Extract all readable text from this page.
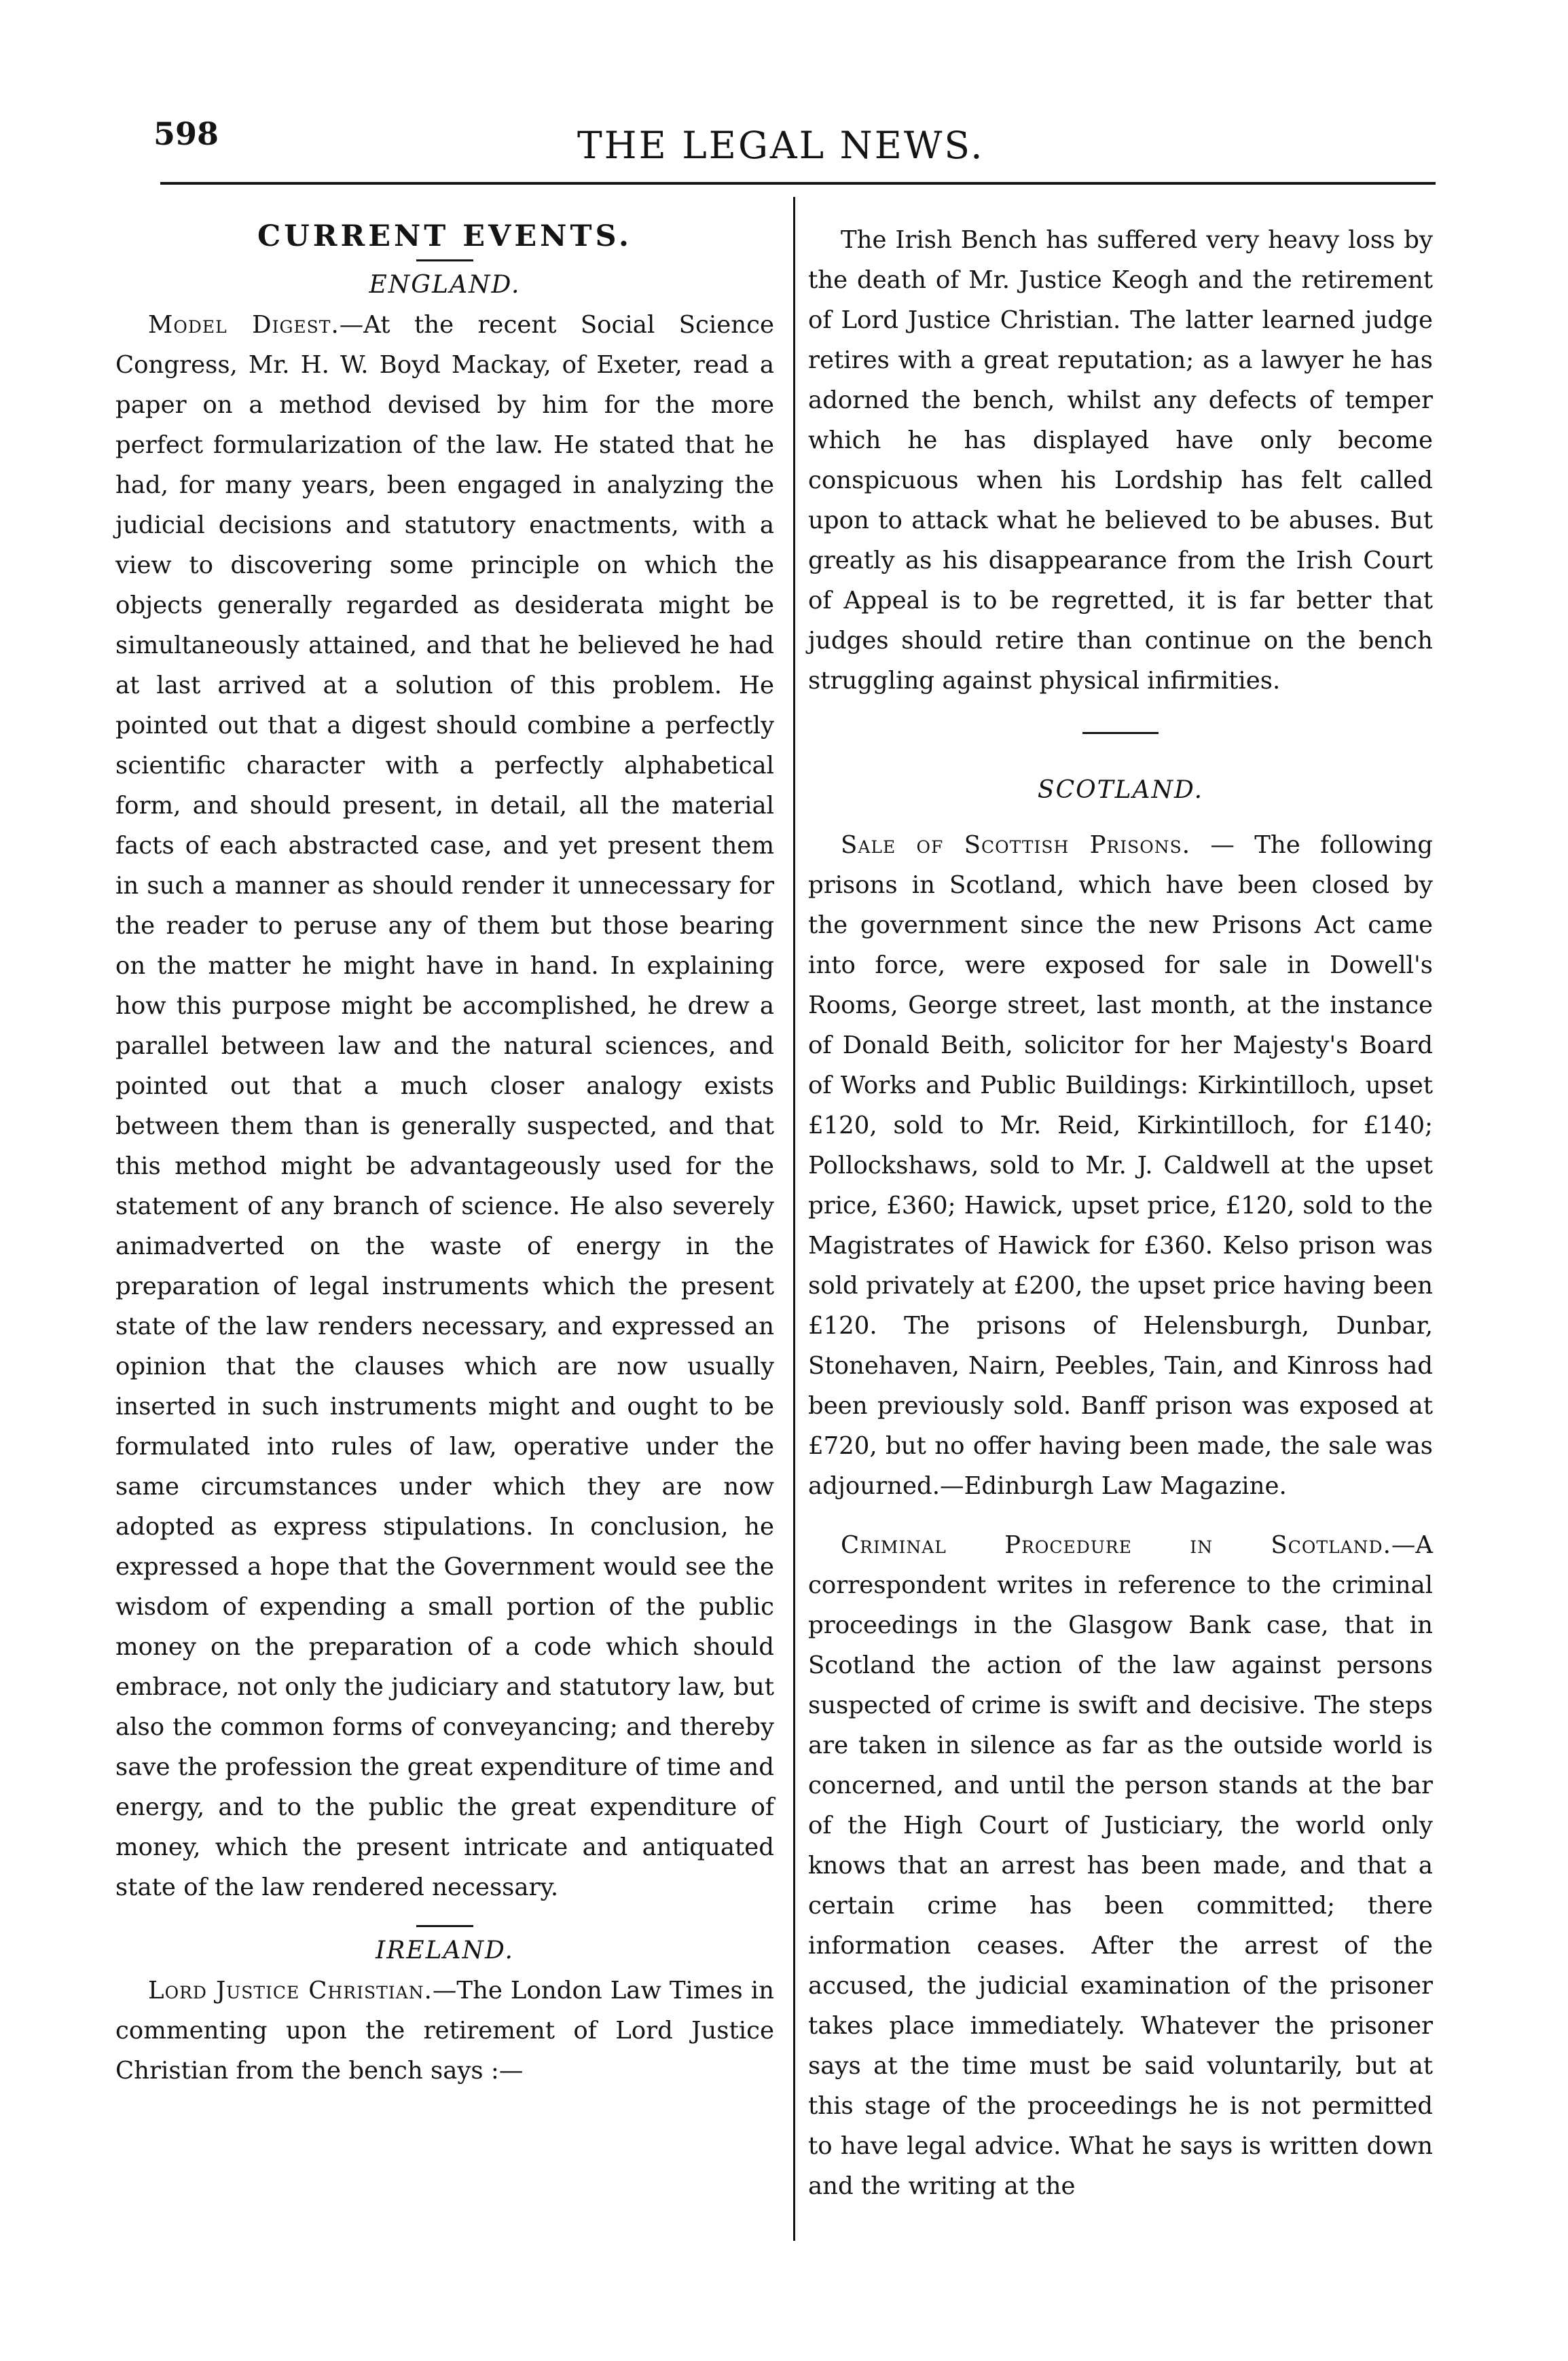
598	THE LEGAL NEWS.
CURRENT EVENTS.
ENGLAND.

Model Digest.—At the recent Social Science Congress, Mr. H. W. Boyd Mackay, of Exeter, read a paper on a method devised by him for the more perfect formularization of the law. He stated that he had, for many years, been engaged in analyzing the judicial decisions and statutory enactments, with a view to discovering some principle on which the objects generally regarded as desiderata might be simultaneously attained, and that he believed he had at last arrived at a solution of this problem. He pointed out that a digest should combine a perfectly scientific character with a perfectly alphabetical form, and should present, in detail, all the material facts of each abstracted case, and yet present them in such a manner as should render it unnecessary for the reader to peruse any of them but those bearing on the matter he might have in hand. In explaining how this purpose might be accomplished, he drew a parallel between law and the natural sciences, and pointed out that a much closer analogy exists between them than is generally suspected, and that this method might be advantageously used for the statement of any branch of science. He also severely animadverted on the waste of energy in the preparation of legal instruments which the present state of the law renders necessary, and expressed an opinion that the clauses which are now usually inserted in such instruments might and ought to be formulated into rules of law, operative under the same circumstances under which they are now adopted as express stipulations. In conclusion, he expressed a hope that the Government would see the wisdom of expending a small portion of the public money on the preparation of a code which should embrace, not only the judiciary and statutory law, but also the common forms of conveyancing; and thereby save the profession the great expenditure of time and energy, and to the public the great expenditure of money, which the present intricate and antiquated state of the law rendered necessary.

IRELAND.

Lord Justice Christian.—The London Law Times in commenting upon the retirement of Lord Justice Christian from the bench says :—

The Irish Bench has suffered very heavy loss by the death of Mr. Justice Keogh and the retirement of Lord Justice Christian. The latter learned judge retires with a great reputation; as a lawyer he has adorned the bench, whilst any defects of temper which he has displayed have only become conspicuous when his Lordship has felt called upon to attack what he believed to be abuses. But greatly as his disappearance from the Irish Court of Appeal is to be regretted, it is far better that judges should retire than continue on the bench struggling against physical infirmities.

SCOTLAND.

Sale of Scottish Prisons. — The following prisons in Scotland, which have been closed by the government since the new Prisons Act came into force, were exposed for sale in Dowell's Rooms, George street, last month, at the instance of Donald Beith, solicitor for her Majesty's Board of Works and Public Buildings: Kirkintilloch, upset £120, sold to Mr. Reid, Kirkintilloch, for £140; Pollockshaws, sold to Mr. J. Caldwell at the upset price, £360; Hawick, upset price, £120, sold to the Magistrates of Hawick for £360. Kelso prison was sold privately at £200, the upset price having been £120. The prisons of Helensburgh, Dunbar, Stonehaven, Nairn, Peebles, Tain, and Kinross had been previously sold. Banff prison was exposed at £720, but no offer having been made, the sale was adjourned.—Edinburgh Law Magazine.

Criminal Procedure in Scotland.—A correspondent writes in reference to the criminal proceedings in the Glasgow Bank case, that in Scotland the action of the law against persons suspected of crime is swift and decisive. The steps are taken in silence as far as the outside world is concerned, and until the person stands at the bar of the High Court of Justiciary, the world only knows that an arrest has been made, and that a certain crime has been committed; there information ceases. After the arrest of the accused, the judicial examination of the prisoner takes place immediately. Whatever the prisoner says at the time must be said voluntarily, but at this stage of the proceedings he is not permitted to have legal advice. What he says is written down and the writing at the
